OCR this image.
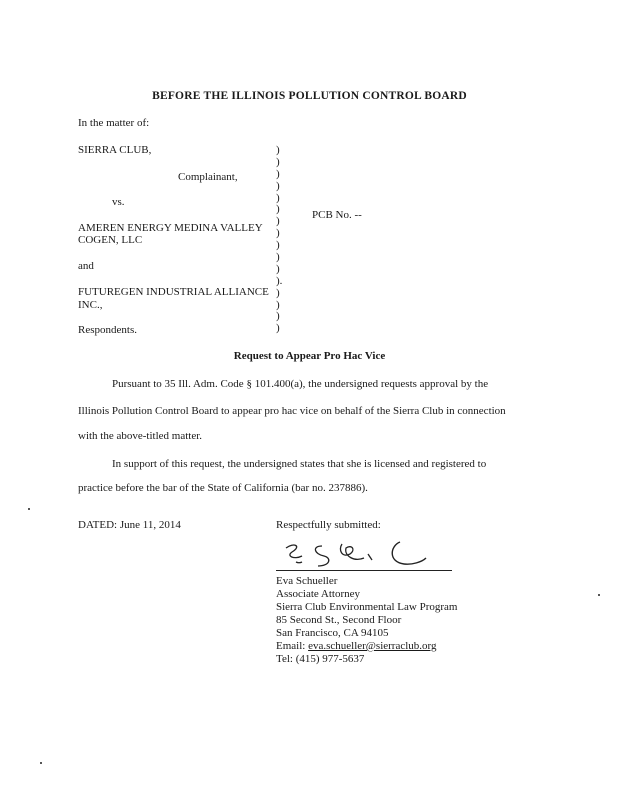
BEFORE THE ILLINOIS POLLUTION CONTROL BOARD
In the matter of:
SIERRA CLUB,
Complainant,
vs.
PCB No. --
AMEREN ENERGY MEDINA VALLEY
COGEN, LLC
and
FUTUREGEN INDUSTRIAL ALLIANCE
INC.,
Respondents.
)
)
)
)
)
)
)
)
)
)
)
).
)
)
)
)
Request to Appear Pro Hac Vice
Pursuant to 35 Ill. Adm. Code § 101.400(a), the undersigned requests approval by the
Illinois Pollution Control Board to appear pro hac vice on behalf of the Sierra Club in connection
with the above-titled matter.
In support of this request, the undersigned states that she is licensed and registered to
practice before the bar of the State of California (bar no. 237886).
DATED: June 11, 2014	Respectfully submitted:
Eva Schueller
Associate Attorney
Sierra Club Environmental Law Program
85 Second St., Second Floor
San Francisco, CA 94105
Email: eva.schueller@sierraclub.org
Tel: (415) 977-5637
